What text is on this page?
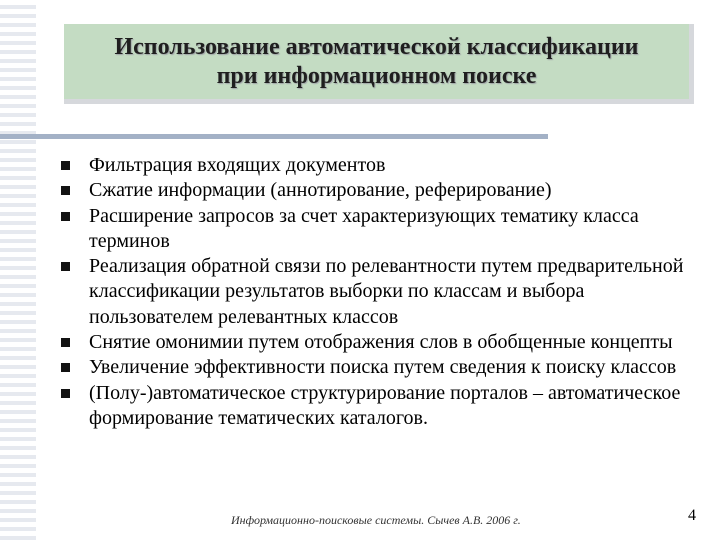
Использование автоматической классификации
при информационном поиске
Фильтрация входящих документов
Сжатие информации (аннотирование, реферирование)
Расширение запросов за счет характеризующих тематику класса терминов
Реализация обратной связи по релевантности путем предварительной классификации результатов выборки по классам и выбора пользователем релевантных классов
Снятие омонимии путем отображения слов в обобщенные концепты
Увеличение эффективности поиска путем сведения к поиску классов
(Полу-)автоматическое структурирование порталов – автоматическое формирование тематических каталогов.
Информационно-поисковые системы. Сычев А.В. 2006 г.	4
